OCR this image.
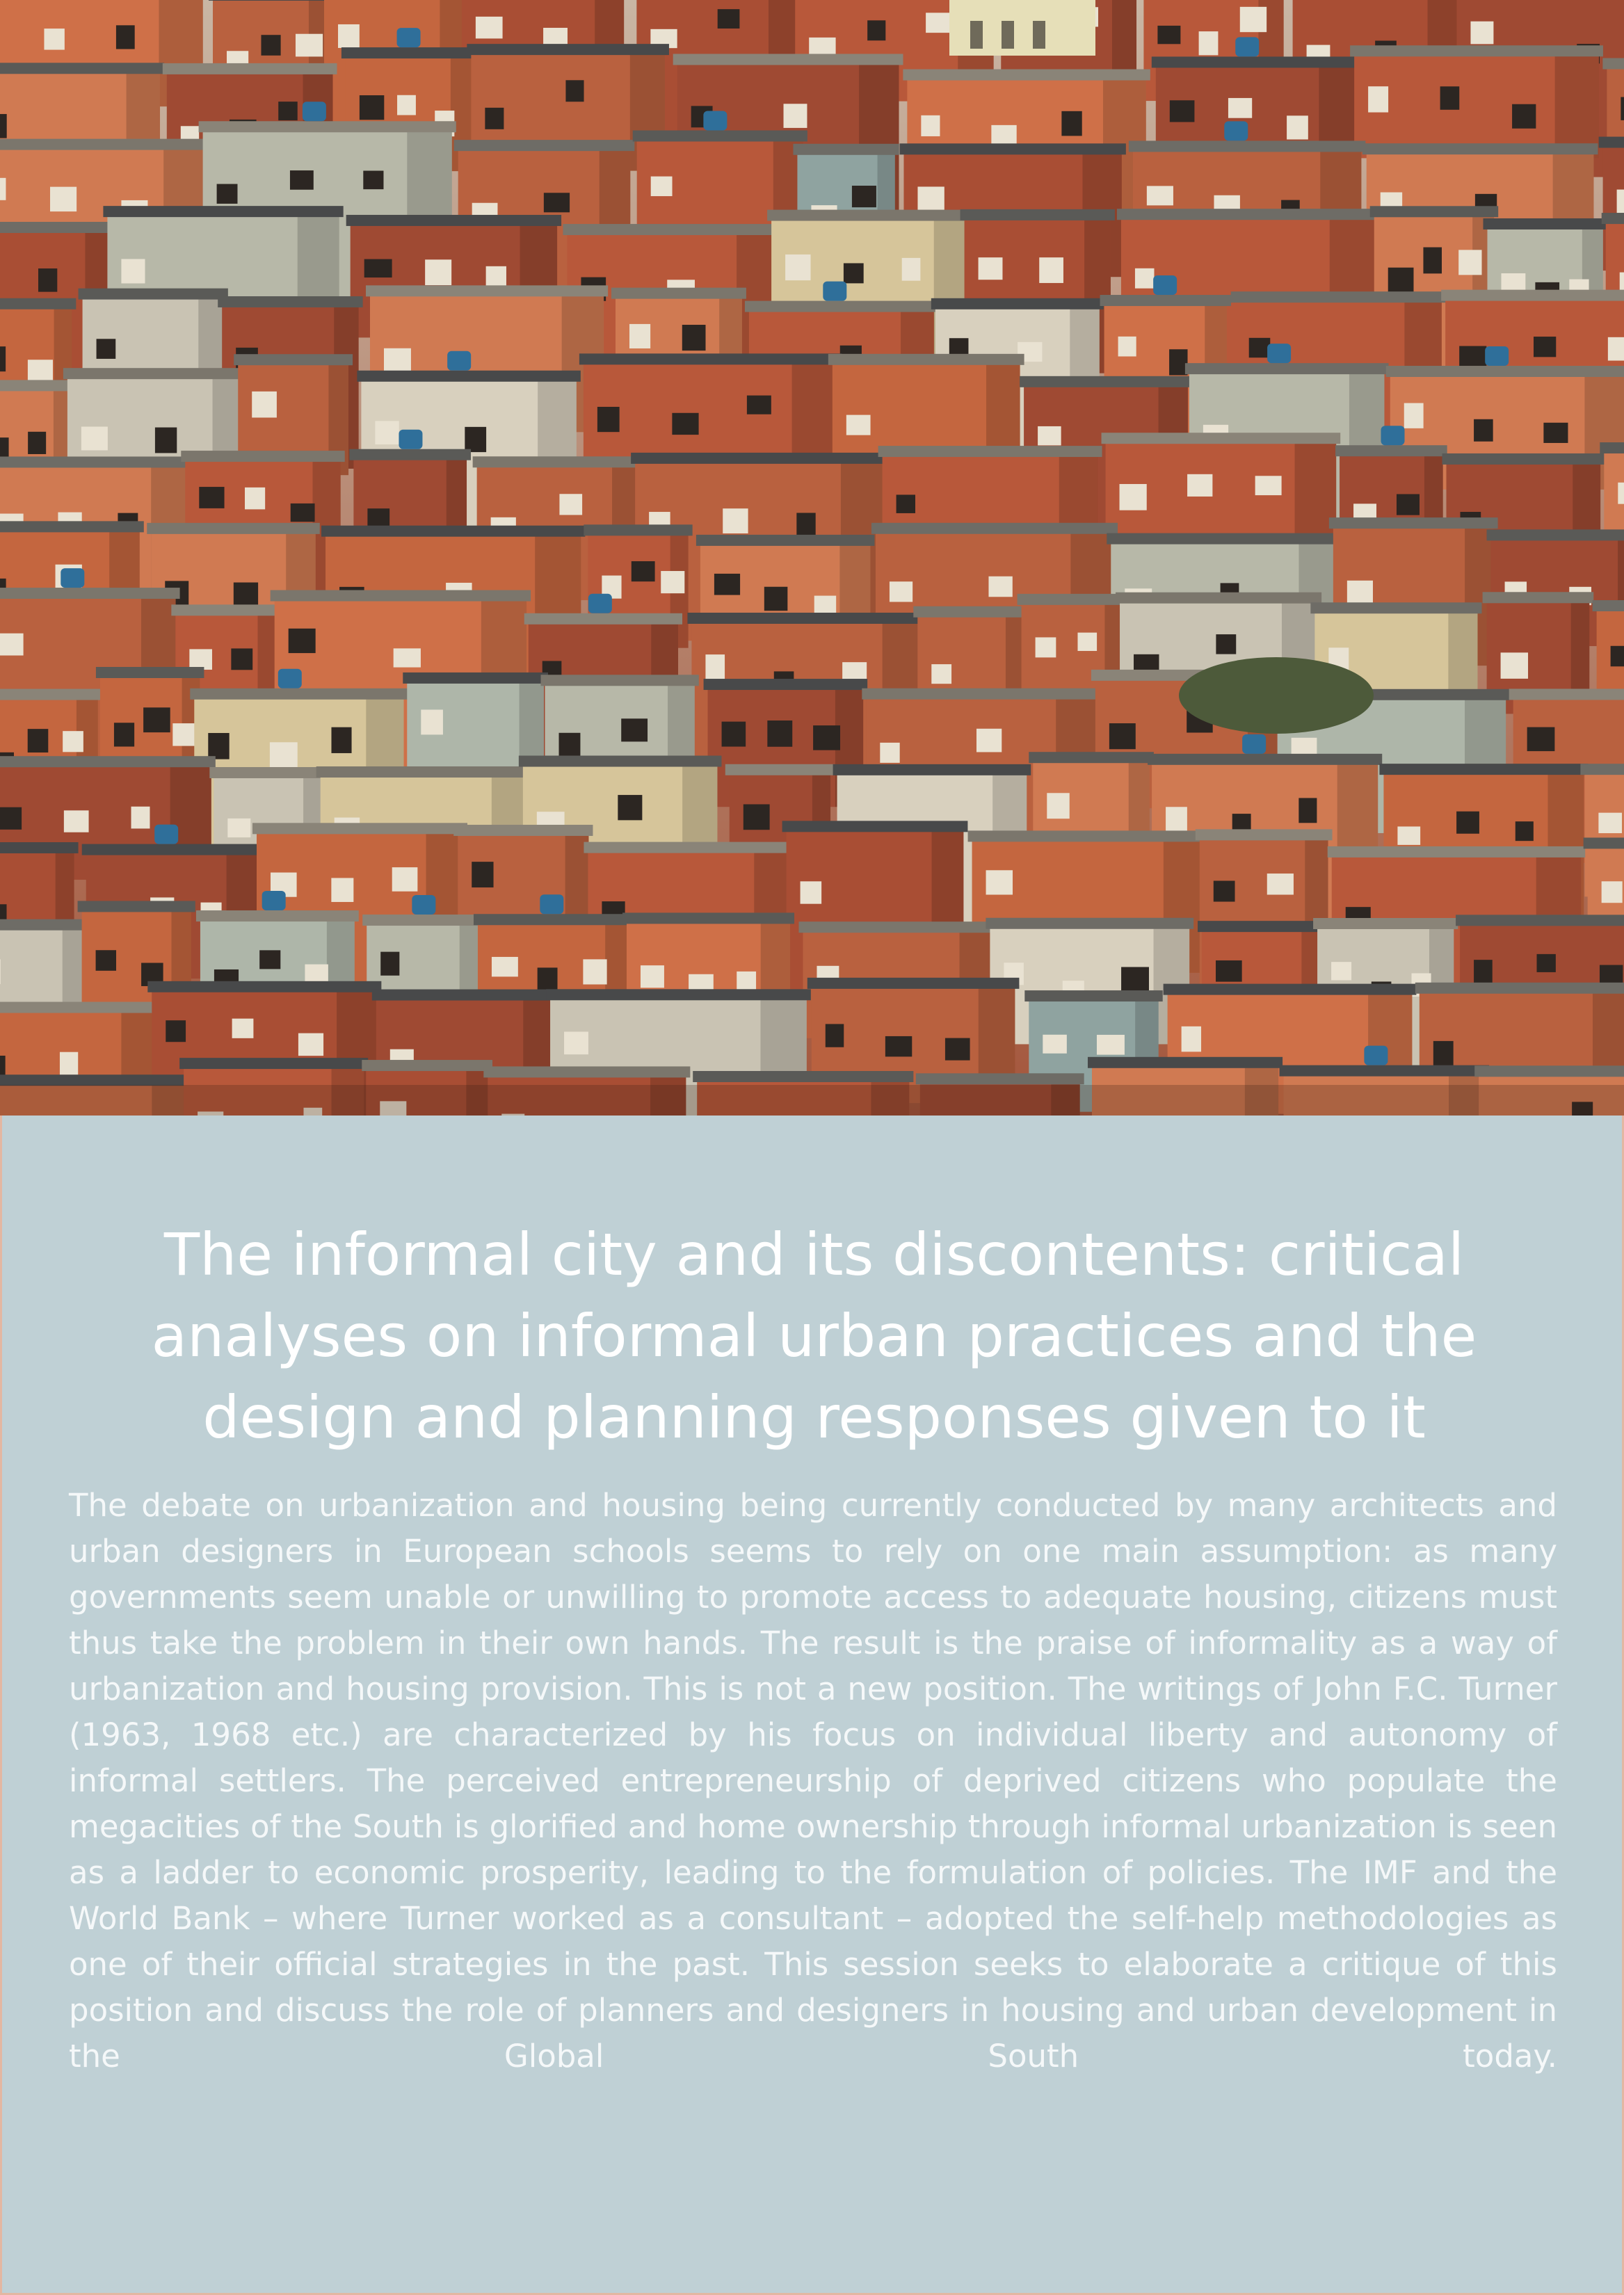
The informal city and its discontents: critical analyses on informal urban practices and the design and planning responses given to it

The debate on urbanization and housing being currently conducted by many architects and urban designers in European schools seems to rely on one main assumption: as many governments seem unable or unwilling to promote access to adequate housing, citizens must thus take the problem in their own hands. The result is the praise of informality as a way of urbanization and housing provision. This is not a new position. The writings of John F.C. Turner (1963, 1968 etc.) are characterized by his focus on individual liberty and autonomy of informal settlers. The perceived entrepreneurship of deprived citizens who populate the megacities of the South is glorified and home ownership through informal urbanization is seen as a ladder to economic prosperity, leading to the formulation of policies. The IMF and the World Bank – where Turner worked as a consultant – adopted the self-help methodologies as one of their official strategies in the past. This session seeks to elaborate a critique of this position and discuss the role of planners and designers in housing and urban development in the Global South today.
